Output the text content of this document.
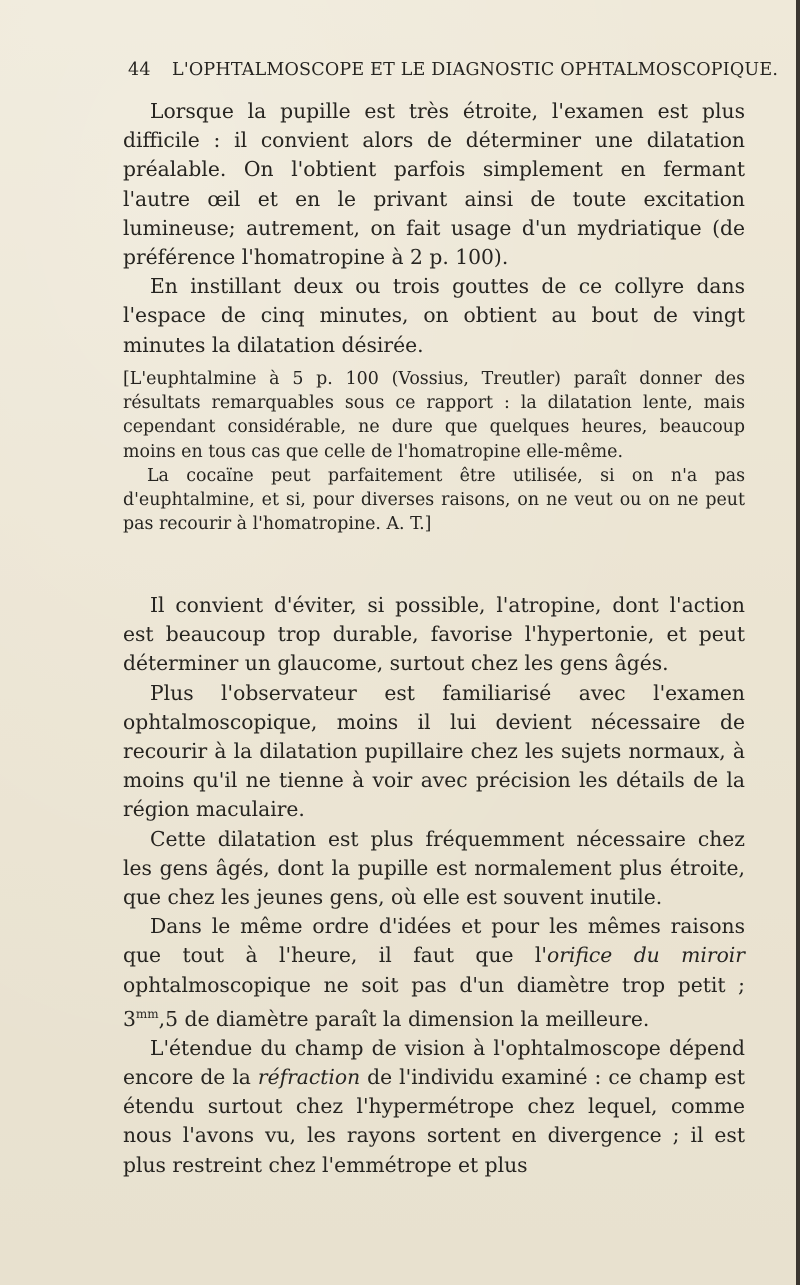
44 L'OPHTALMOSCOPE ET LE DIAGNOSTIC OPHTALMOSCOPIQUE.

Lorsque la pupille est très étroite, l'examen est plus difficile : il convient alors de déterminer une dilatation préalable. On l'obtient parfois simplement en fermant l'autre œil et en le privant ainsi de toute excitation lumineuse; autrement, on fait usage d'un mydriatique (de préférence l'homatropine à 2 p. 100).

En instillant deux ou trois gouttes de ce collyre dans l'espace de cinq minutes, on obtient au bout de vingt minutes la dilatation désirée.

[L'euphtalmine à 5 p. 100 (Vossius, Treutler) paraît donner des résultats remarquables sous ce rapport : la dilatation lente, mais cependant considérable, ne dure que quelques heures, beaucoup moins en tous cas que celle de l'homatropine elle-même.

La cocaïne peut parfaitement être utilisée, si on n'a pas d'euphtalmine, et si, pour diverses raisons, on ne veut ou on ne peut pas recourir à l'homatropine. A. T.]

Il convient d'éviter, si possible, l'atropine, dont l'action est beaucoup trop durable, favorise l'hypertonie, et peut déterminer un glaucome, surtout chez les gens âgés.

Plus l'observateur est familiarisé avec l'examen ophtalmoscopique, moins il lui devient nécessaire de recourir à la dilatation pupillaire chez les sujets normaux, à moins qu'il ne tienne à voir avec précision les détails de la région maculaire.

Cette dilatation est plus fréquemment nécessaire chez les gens âgés, dont la pupille est normalement plus étroite, que chez les jeunes gens, où elle est souvent inutile.

Dans le même ordre d'idées et pour les mêmes raisons que tout à l'heure, il faut que l'orifice du miroir ophtalmoscopique ne soit pas d'un diamètre trop petit ; $3^{mm},5$ de diamètre paraît la dimension la meilleure.

L'étendue du champ de vision à l'ophtalmoscope dépend encore de la réfraction de l'individu examiné : ce champ est étendu surtout chez l'hypermétrope chez lequel, comme nous l'avons vu, les rayons sortent en divergence ; il est plus restreint chez l'emmétrope et plus
